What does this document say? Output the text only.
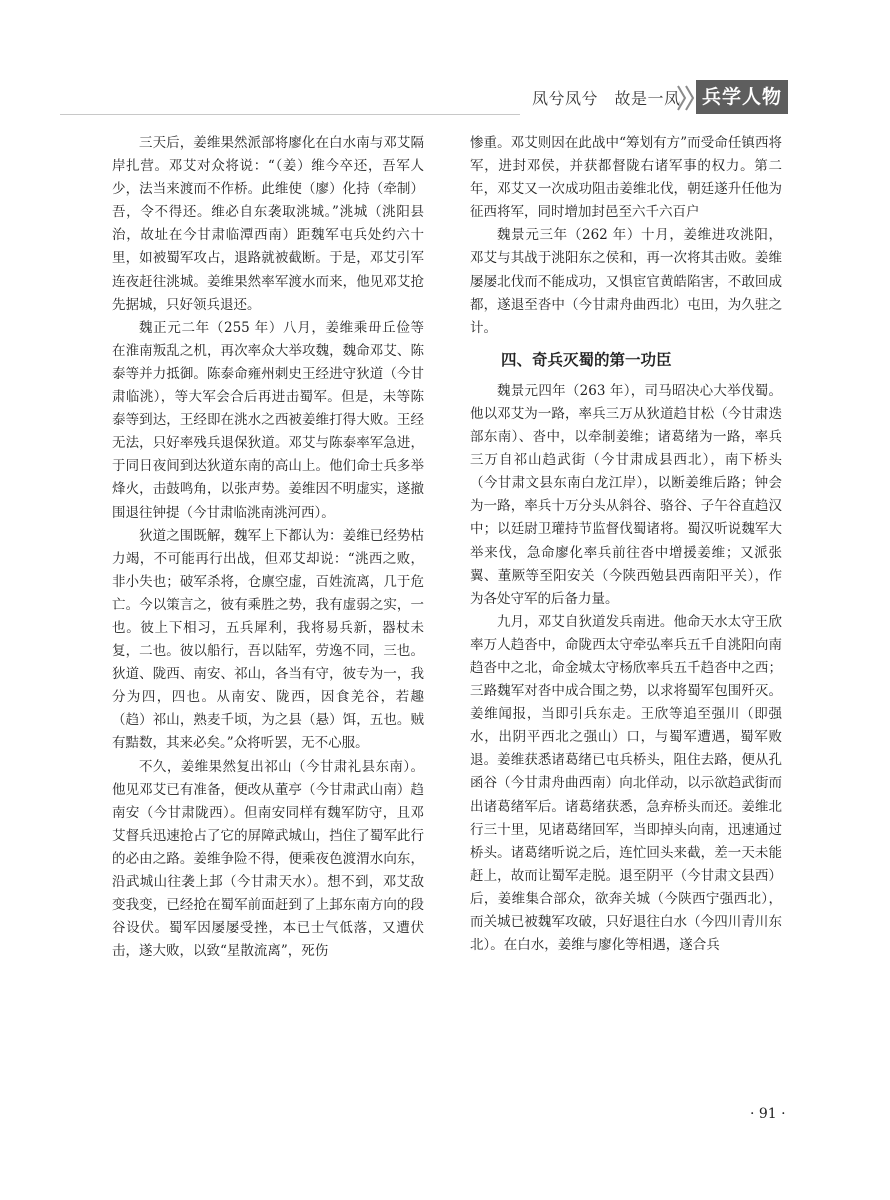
凤兮凤兮　故是一凤	兵学人物

三天后，姜维果然派部将廖化在白水南与邓艾隔岸扎营。邓艾对众将说：“（姜）维今卒还，吾军人少，法当来渡而不作桥。此维使（廖）化持（牵制）吾，令不得还。维必自东袭取洮城。”洮城（洮阳县治，故址在今甘肃临潭西南）距魏军屯兵处约六十里，如被蜀军攻占，退路就被截断。于是，邓艾引军连夜赶往洮城。姜维果然率军渡水而来，他见邓艾抢先据城，只好领兵退还。

魏正元二年（255 年）八月，姜维乘毌丘俭等在淮南叛乱之机，再次率众大举攻魏，魏命邓艾、陈泰等并力抵御。陈泰命雍州刺史王经进守狄道（今甘肃临洮），等大军会合后再进击蜀军。但是，未等陈泰等到达，王经即在洮水之西被姜维打得大败。王经无法，只好率残兵退保狄道。邓艾与陈泰率军急进，于同日夜间到达狄道东南的高山上。他们命士兵多举烽火，击鼓鸣角，以张声势。姜维因不明虚实，遂撤围退往钟提（今甘肃临洮南洮河西）。

狄道之围既解，魏军上下都认为：姜维已经势枯力竭，不可能再行出战，但邓艾却说：“洮西之败，非小失也；破军杀将，仓廪空虚，百姓流离，几于危亡。今以策言之，彼有乘胜之势，我有虚弱之实，一也。彼上下相习，五兵犀利，我将易兵新，器杖未复，二也。彼以船行，吾以陆军，劳逸不同，三也。狄道、陇西、南安、祁山，各当有守，彼专为一，我分为四，四也。从南安、陇西，因食羌谷，若趣（趋）祁山，熟麦千顷，为之县（悬）饵，五也。贼有黠数，其来必矣。”众将听罢，无不心服。

不久，姜维果然复出祁山（今甘肃礼县东南）。他见邓艾已有准备，便改从董亭（今甘肃武山南）趋南安（今甘肃陇西）。但南安同样有魏军防守，且邓艾督兵迅速抢占了它的屏障武城山，挡住了蜀军此行的必由之路。姜维争险不得，便乘夜色渡渭水向东，沿武城山往袭上邽（今甘肃天水）。想不到，邓艾敌变我变，已经抢在蜀军前面赶到了上邽东南方向的段谷设伏。蜀军因屡屡受挫，本已士气低落，又遭伏击，遂大败，以致“星散流离”，死伤

惨重。邓艾则因在此战中“筹划有方”而受命任镇西将军，进封邓侯，并获都督陇右诸军事的权力。第二年，邓艾又一次成功阻击姜维北伐，朝廷遂升任他为征西将军，同时增加封邑至六千六百户

魏景元三年（262 年）十月，姜维进攻洮阳，邓艾与其战于洮阳东之侯和，再一次将其击败。姜维屡屡北伐而不能成功，又惧宦官黄皓陷害，不敢回成都，遂退至沓中（今甘肃舟曲西北）屯田，为久驻之计。

四、奇兵灭蜀的第一功臣

魏景元四年（263 年），司马昭决心大举伐蜀。他以邓艾为一路，率兵三万从狄道趋甘松（今甘肃迭部东南）、沓中，以牵制姜维；诸葛绪为一路，率兵三万自祁山趋武街（今甘肃成县西北），南下桥头（今甘肃文县东南白龙江岸），以断姜维后路；钟会为一路，率兵十万分头从斜谷、骆谷、子午谷直趋汉中；以廷尉卫瓘持节监督伐蜀诸将。蜀汉听说魏军大举来伐，急命廖化率兵前往沓中增援姜维；又派张翼、董厥等至阳安关（今陕西勉县西南阳平关），作为各处守军的后备力量。

九月，邓艾自狄道发兵南进。他命天水太守王欣率万人趋沓中，命陇西太守牵弘率兵五千自洮阳向南趋沓中之北，命金城太守杨欣率兵五千趋沓中之西；三路魏军对沓中成合围之势，以求将蜀军包围歼灭。姜维闻报，当即引兵东走。王欣等追至强川（即强水，出阴平西北之强山）口，与蜀军遭遇，蜀军败退。姜维获悉诸葛绪已屯兵桥头，阻住去路，便从孔函谷（今甘肃舟曲西南）向北佯动，以示欲趋武街而出诸葛绪军后。诸葛绪获悉，急弃桥头而还。姜维北行三十里，见诸葛绪回军，当即掉头向南，迅速通过桥头。诸葛绪听说之后，连忙回头来截，差一天未能赶上，故而让蜀军走脱。退至阴平（今甘肃文县西）后，姜维集合部众，欲奔关城（今陕西宁强西北），而关城已被魏军攻破，只好退往白水（今四川青川东北）。在白水，姜维与廖化等相遇，遂合兵

· 91 ·
